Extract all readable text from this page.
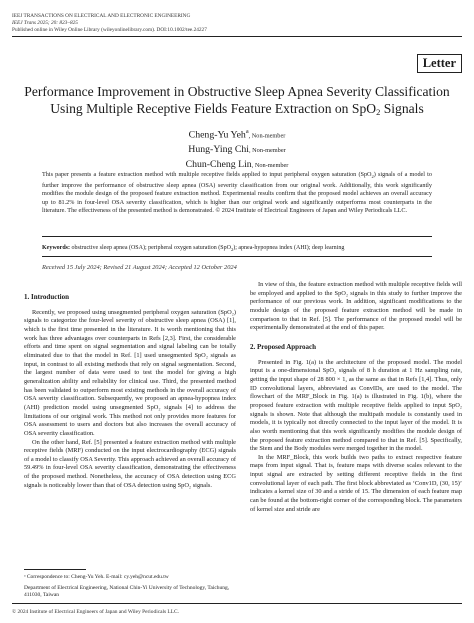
IEEJ TRANSACTIONS ON ELECTRICAL AND ELECTRONIC ENGINEERING
IEEJ Trans 2025; 20: 823–825
Published online in Wiley Online Library (wileyonlinelibrary.com). DOI:10.1002/tee.24227
Letter
Performance Improvement in Obstructive Sleep Apnea Severity Classification
Using Multiple Receptive Fields Feature Extraction on SpO$_2$ Signals
Cheng-Yu Yeh$^a$, Non-member
Hung-Ying Chi, Non-member
Chun-Cheng Lin, Non-member
This paper presents a feature extraction method with multiple receptive fields applied to input peripheral oxygen saturation (SpO$_2$) signals of a model to further improve the performance of obstructive sleep apnea (OSA) severity classification from our original work. Additionally, this work significantly modifies the module design of the proposed feature extraction method. Experimental results confirm that the proposed model achieves an overall accuracy up to 81.2% in four-level OSA severity classification, which is higher than our original work and significantly outperforms most counterparts in the literature. The effectiveness of the presented method is demonstrated. © 2024 Institute of Electrical Engineers of Japan and Wiley Periodicals LLC.
Keywords: obstructive sleep apnea (OSA); peripheral oxygen saturation (SpO$_2$); apnea-hypopnea index (AHI); deep learning
Received 15 July 2024; Revised 21 August 2024; Accepted 12 October 2024
1. Introduction

Recently, we proposed using unsegmented peripheral oxygen saturation (SpO₂) signals to categorize the four-level severity of obstructive sleep apnea (OSA) [1], which is the first time presented in the literature. It is worth mentioning that this work has three advantages over counterparts in Refs [2,3]. First, the considerable efforts and time spent on signal segmentation and signal labeling can be totally eliminated due to that the model in Ref. [1] used unsegmented SpO₂ signals as input, in contrast to all existing methods that rely on signal segmentation. Second, the largest number of data were used to test the model for giving a high generalization ability and reliability for clinical use. Third, the presented method has been validated to outperform most existing methods in the overall accuracy of OSA severity classification. Subsequently, we proposed an apnea-hypopnea index (AHI) prediction model using unsegmented SpO₂ signals [4] to address the limitations of our original work. This method not only provides more features for OSA assessment to users and doctors but also increases the overall accuracy of OSA severity classification.

On the other hand, Ref. [5] presented a feature extraction method with multiple receptive fields (MRF) conducted on the input electrocardiography (ECG) signals of a model to classify OSA Severity. This approach achieved an overall accuracy of 59.49% in four-level OSA severity classification, demonstrating the effectiveness of the proposed method. Nonetheless, the accuracy of OSA detection using ECG signals is noticeably lower than that of OSA detection using SpO₂ signals.

In view of this, the feature extraction method with multiple receptive fields will be employed and applied to the SpO₂ signals in this study to further improve the performance of our previous work. In addition, significant modifications to the module design of the proposed feature extraction method will be made in comparison to that in Ref. [5]. The performance of the proposed model will be experimentally demonstrated at the end of this paper.

2. Proposed Approach

Presented in Fig. 1(a) is the architecture of the proposed model. The model input is a one-dimensional SpO₂ signals of 8 h duration at 1 Hz sampling rate, getting the input shape of 28 800 × 1, as the same as that in Refs [1,4]. Thus, only ID convolutional layers, abbreviated as ConvIDs, are used to the model. The flowchart of the MRF_Block in Fig. 1(a) is illustrated in Fig. 1(b), where the proposed feature extraction with multiple receptive fields applied to input SpO₂ signals is shown. Note that although the multipath module is constantly used in models, it is typically not directly connected to the input layer of the model. It is also worth mentioning that this work significantly modifies the module design of the proposed feature extraction method compared to that in Ref. [5]. Specifically, the Stem and the Body modules were merged together in the model.

In the MRF_Block, this work builds two paths to extract respective feature maps from input signal. That is, feature maps with diverse scales relevant to the input signal are extracted by setting different receptive fields in the first convolutional layer of each path. The first block abbreviated as ‘Conv1D, (30, 15)’ indicates a kernel size of 30 and a stride of 15. The dimension of each feature map can be found at the bottom-right corner of the corresponding block. The parameters of kernel size and stride are

ᵃ Correspondence to: Cheng-Yu Yeh. E-mail: cy.yeh@ncut.edu.tw
Department of Electrical Engineering, National Chin-Yi University of Technology, Taichung, 411030, Taiwan
© 2024 Institute of Electrical Engineers of Japan and Wiley Periodicals LLC.
